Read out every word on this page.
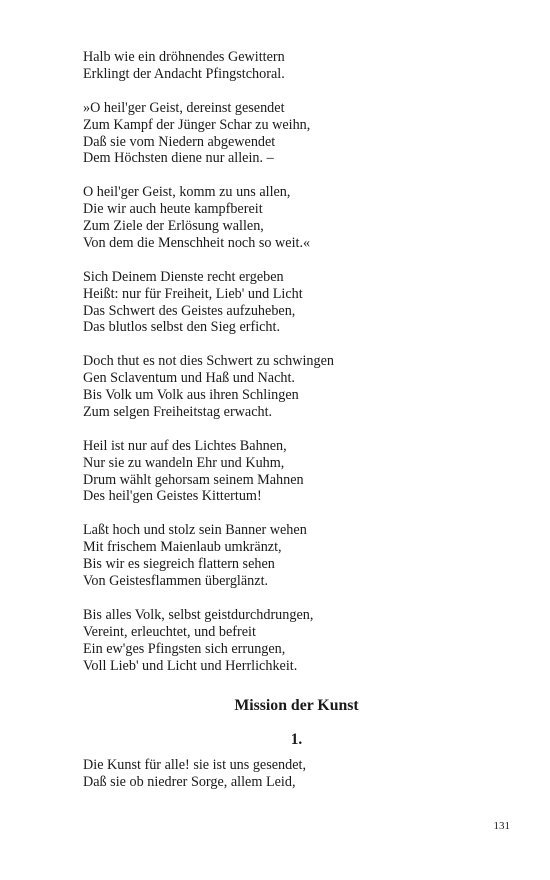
Halb wie ein dröhnendes Gewittern
Erklingt der Andacht Pfingstchoral.
»O heil'ger Geist, dereinst gesendet
Zum Kampf der Jünger Schar zu weihn,
Daß sie vom Niedern abgewendet
Dem Höchsten diene nur allein. –
O heil'ger Geist, komm zu uns allen,
Die wir auch heute kampfbereit
Zum Ziele der Erlösung wallen,
Von dem die Menschheit noch so weit.«
Sich Deinem Dienste recht ergeben
Heißt: nur für Freiheit, Lieb' und Licht
Das Schwert des Geistes aufzuheben,
Das blutlos selbst den Sieg erficht.
Doch thut es not dies Schwert zu schwingen
Gen Sclaventum und Haß und Nacht.
Bis Volk um Volk aus ihren Schlingen
Zum selgen Freiheitstag erwacht.
Heil ist nur auf des Lichtes Bahnen,
Nur sie zu wandeln Ehr und Kuhm,
Drum wählt gehorsam seinem Mahnen
Des heil'gen Geistes Kittertum!
Laßt hoch und stolz sein Banner wehen
Mit frischem Maienlaub umkränzt,
Bis wir es siegreich flattern sehen
Von Geistesflammen überglänzt.
Bis alles Volk, selbst geistdurchdrungen,
Vereint, erleuchtet, und befreit
Ein ew'ges Pfingsten sich errungen,
Voll Lieb' und Licht und Herrlichkeit.
Mission der Kunst
1.
Die Kunst für alle! sie ist uns gesendet,
Daß sie ob niedrer Sorge, allem Leid,
131
